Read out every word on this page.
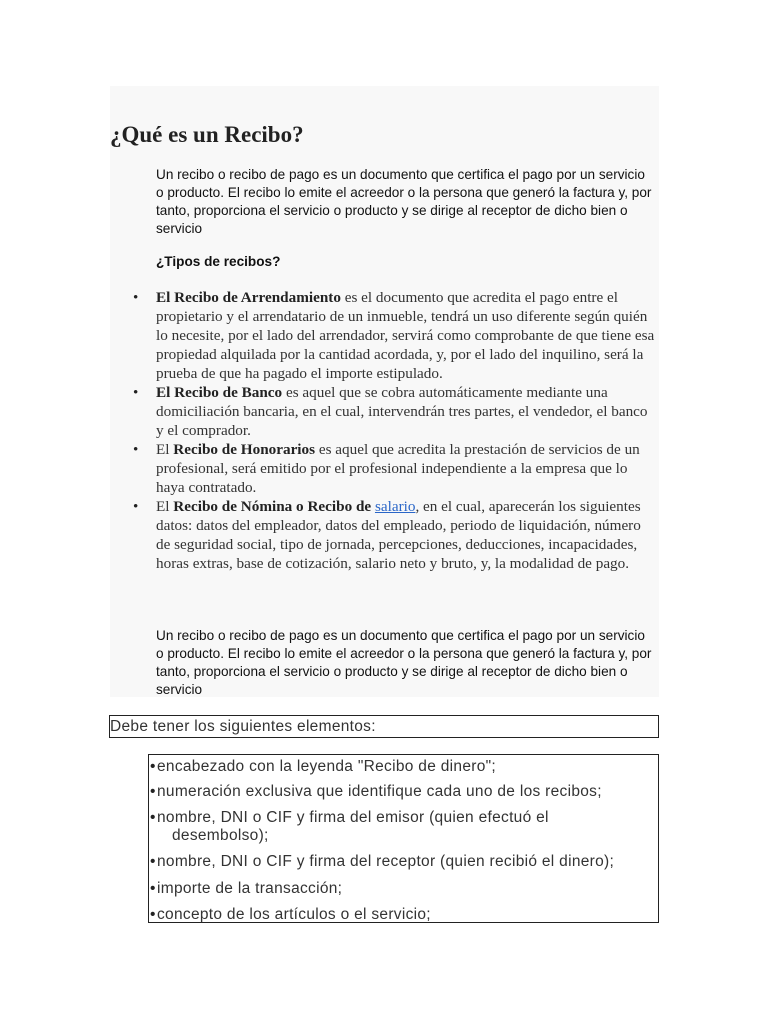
¿Qué es un Recibo?

Un recibo o recibo de pago es un documento que certifica el pago por un servicio o producto. El recibo lo emite el acreedor o la persona que generó la factura y, por tanto, proporciona el servicio o producto y se dirige al receptor de dicho bien o servicio

¿Tipos de recibos?

• El Recibo de Arrendamiento es el documento que acredita el pago entre el propietario y el arrendatario de un inmueble, tendrá un uso diferente según quién lo necesite, por el lado del arrendador, servirá como comprobante de que tiene esa propiedad alquilada por la cantidad acordada, y, por el lado del inquilino, será la prueba de que ha pagado el importe estipulado.
• El Recibo de Banco es aquel que se cobra automáticamente mediante una domiciliación bancaria, en el cual, intervendrán tres partes, el vendedor, el banco y el comprador.
• El Recibo de Honorarios es aquel que acredita la prestación de servicios de un profesional, será emitido por el profesional independiente a la empresa que lo haya contratado.
• El Recibo de Nómina o Recibo de salario, en el cual, aparecerán los siguientes datos: datos del empleador, datos del empleado, periodo de liquidación, número de seguridad social, tipo de jornada, percepciones, deducciones, incapacidades, horas extras, base de cotización, salario neto y bruto, y, la modalidad de pago.

Un recibo o recibo de pago es un documento que certifica el pago por un servicio o producto. El recibo lo emite el acreedor o la persona que generó la factura y, por tanto, proporciona el servicio o producto y se dirige al receptor de dicho bien o servicio

Debe tener los siguientes elementos:
• encabezado con la leyenda "Recibo de dinero";
• numeración exclusiva que identifique cada uno de los recibos;
• nombre, DNI o CIF y firma del emisor (quien efectuó el
desembolso);
• nombre, DNI o CIF y firma del receptor (quien recibió el dinero);
• importe de la transacción;
• concepto de los artículos o el servicio;
